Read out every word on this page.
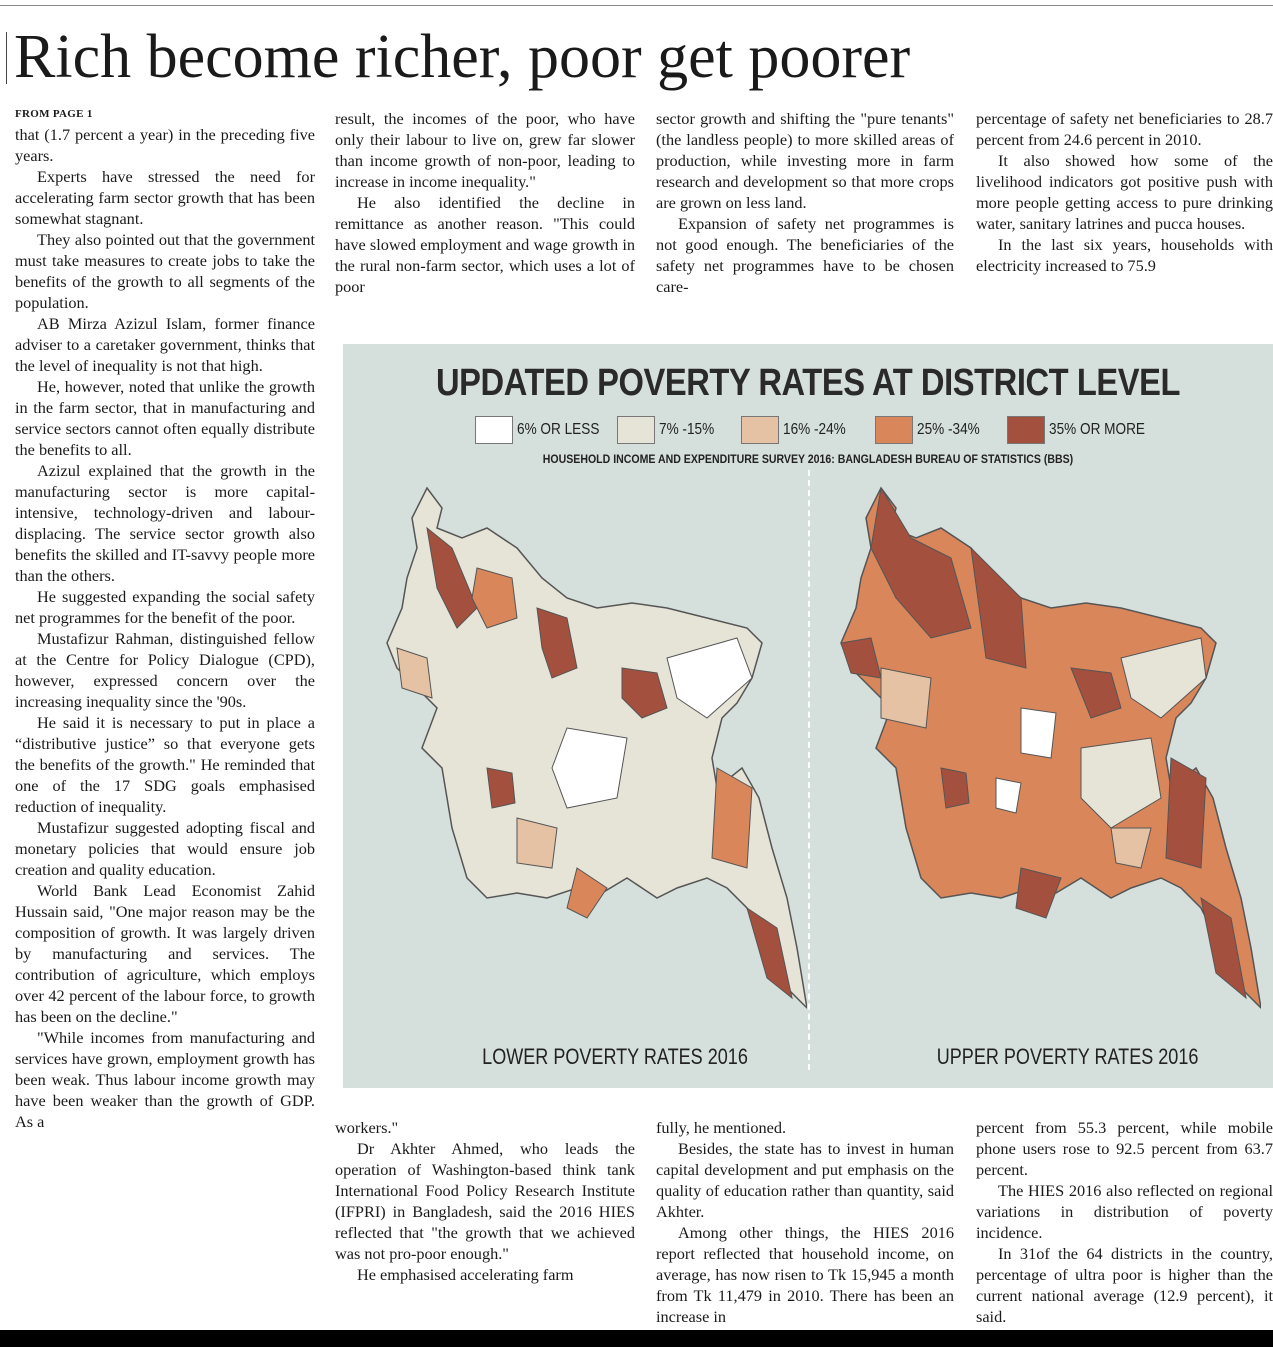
Rich become richer, poor get poorer
FROM PAGE 1

that (1.7 percent a year) in the preceding five years.

Experts have stressed the need for accelerating farm sector growth that has been somewhat stagnant.

They also pointed out that the government must take measures to create jobs to take the benefits of the growth to all segments of the population.

AB Mirza Azizul Islam, former finance adviser to a caretaker government, thinks that the level of inequality is not that high.

He, however, noted that unlike the growth in the farm sector, that in manufacturing and service sectors cannot often equally distribute the benefits to all.

Azizul explained that the growth in the manufacturing sector is more capital-intensive, technology-driven and labour-displacing. The service sector growth also benefits the skilled and IT-savvy people more than the others.

He suggested expanding the social safety net programmes for the benefit of the poor.

Mustafizur Rahman, distinguished fellow at the Centre for Policy Dialogue (CPD), however, expressed concern over the increasing inequality since the '90s.

He said it is necessary to put in place a “distributive justice” so that everyone gets the benefits of the growth." He reminded that one of the 17 SDG goals emphasised reduction of inequality.

Mustafizur suggested adopting fiscal and monetary policies that would ensure job creation and quality education.

World Bank Lead Economist Zahid Hussain said, "One major reason may be the composition of growth. It was largely driven by manufacturing and services. The contribution of agriculture, which employs over 42 percent of the labour force, to growth has been on the decline."

"While incomes from manufacturing and services have grown, employment growth has been weak. Thus labour income growth may have been weaker than the growth of GDP. As a

result, the incomes of the poor, who have only their labour to live on, grew far slower than income growth of non-poor, leading to increase in income inequality."

He also identified the decline in remittance as another reason. "This could have slowed employment and wage growth in the rural non-farm sector, which uses a lot of poor

sector growth and shifting the "pure tenants" (the landless people) to more skilled areas of production, while investing more in farm research and development so that more crops are grown on less land.

Expansion of safety net programmes is not good enough. The beneficiaries of the safety net programmes have to be chosen care-

percentage of safety net beneficiaries to 28.7 percent from 24.6 percent in 2010.

It also showed how some of the livelihood indicators got positive push with more people getting access to pure drinking water, sanitary latrines and pucca houses.

In the last six years, households with electricity increased to 75.9

UPDATED POVERTY RATES AT DISTRICT LEVEL
6% OR LESS	7% -15%	16% -24%	25% -34%	35% OR MORE
HOUSEHOLD INCOME AND EXPENDITURE SURVEY 2016: BANGLADESH BUREAU OF STATISTICS (BBS)
LOWER POVERTY RATES 2016	UPPER POVERTY RATES 2016

workers."

Dr Akhter Ahmed, who leads the operation of Washington-based think tank International Food Policy Research Institute (IFPRI) in Bangladesh, said the 2016 HIES reflected that "the growth that we achieved was not pro-poor enough."

He emphasised accelerating farm

fully, he mentioned.

Besides, the state has to invest in human capital development and put emphasis on the quality of education rather than quantity, said Akhter.

Among other things, the HIES 2016 report reflected that household income, on average, has now risen to Tk 15,945 a month from Tk 11,479 in 2010. There has been an increase in

percent from 55.3 percent, while mobile phone users rose to 92.5 percent from 63.7 percent.

The HIES 2016 also reflected on regional variations in distribution of poverty incidence.

In 31of the 64 districts in the country, percentage of ultra poor is higher than the current national average (12.9 percent), it said.
